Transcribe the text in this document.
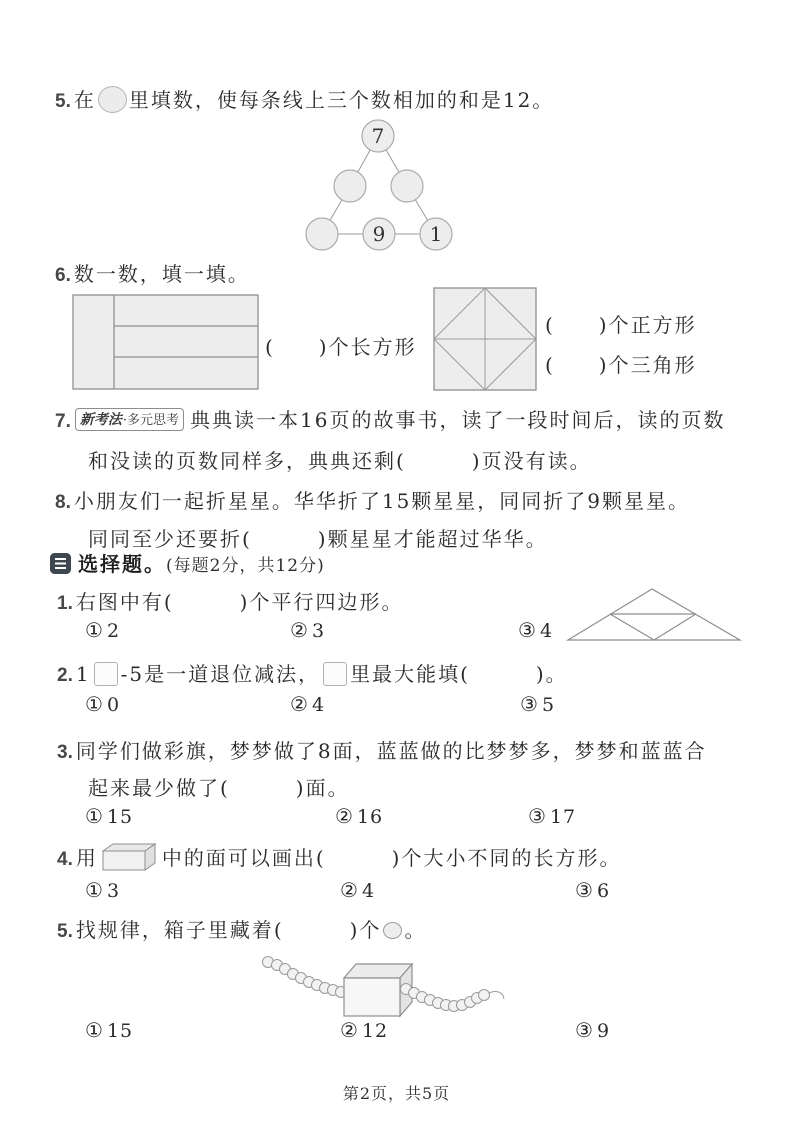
5. 在 里填数，使每条线上三个数相加的和是12。
7
9 1
6. 数一数，填一填。
(　　)个长方形
(　　)个正方形
(　　)个三角形
7. 新考法·多元思考 典典读一本16页的故事书，读了一段时间后，读的页数
和没读的页数同样多，典典还剩(　　　)页没有读。
8. 小朋友们一起折星星。华华折了15颗星星，同同折了9颗星星。
同同至少还要折(　　　)颗星星才能超过华华。
选择题。(每题2分，共12分)
1. 右图中有(　　　)个平行四边形。
① 2	② 3	③ 4
2. 1 -5是一道退位减法， 里最大能填(　　　)。
① 0	② 4	③ 5
3. 同学们做彩旗，梦梦做了8面，蓝蓝做的比梦梦多，梦梦和蓝蓝合
起来最少做了(　　　)面。
① 15	② 16	③ 17
4. 用	中的面可以画出(　　　)个大小不同的长方形。
① 3	② 4	③ 6
5. 找规律，箱子里藏着(　　　)个 。
① 15	② 12	③ 9
第2页，共5页
